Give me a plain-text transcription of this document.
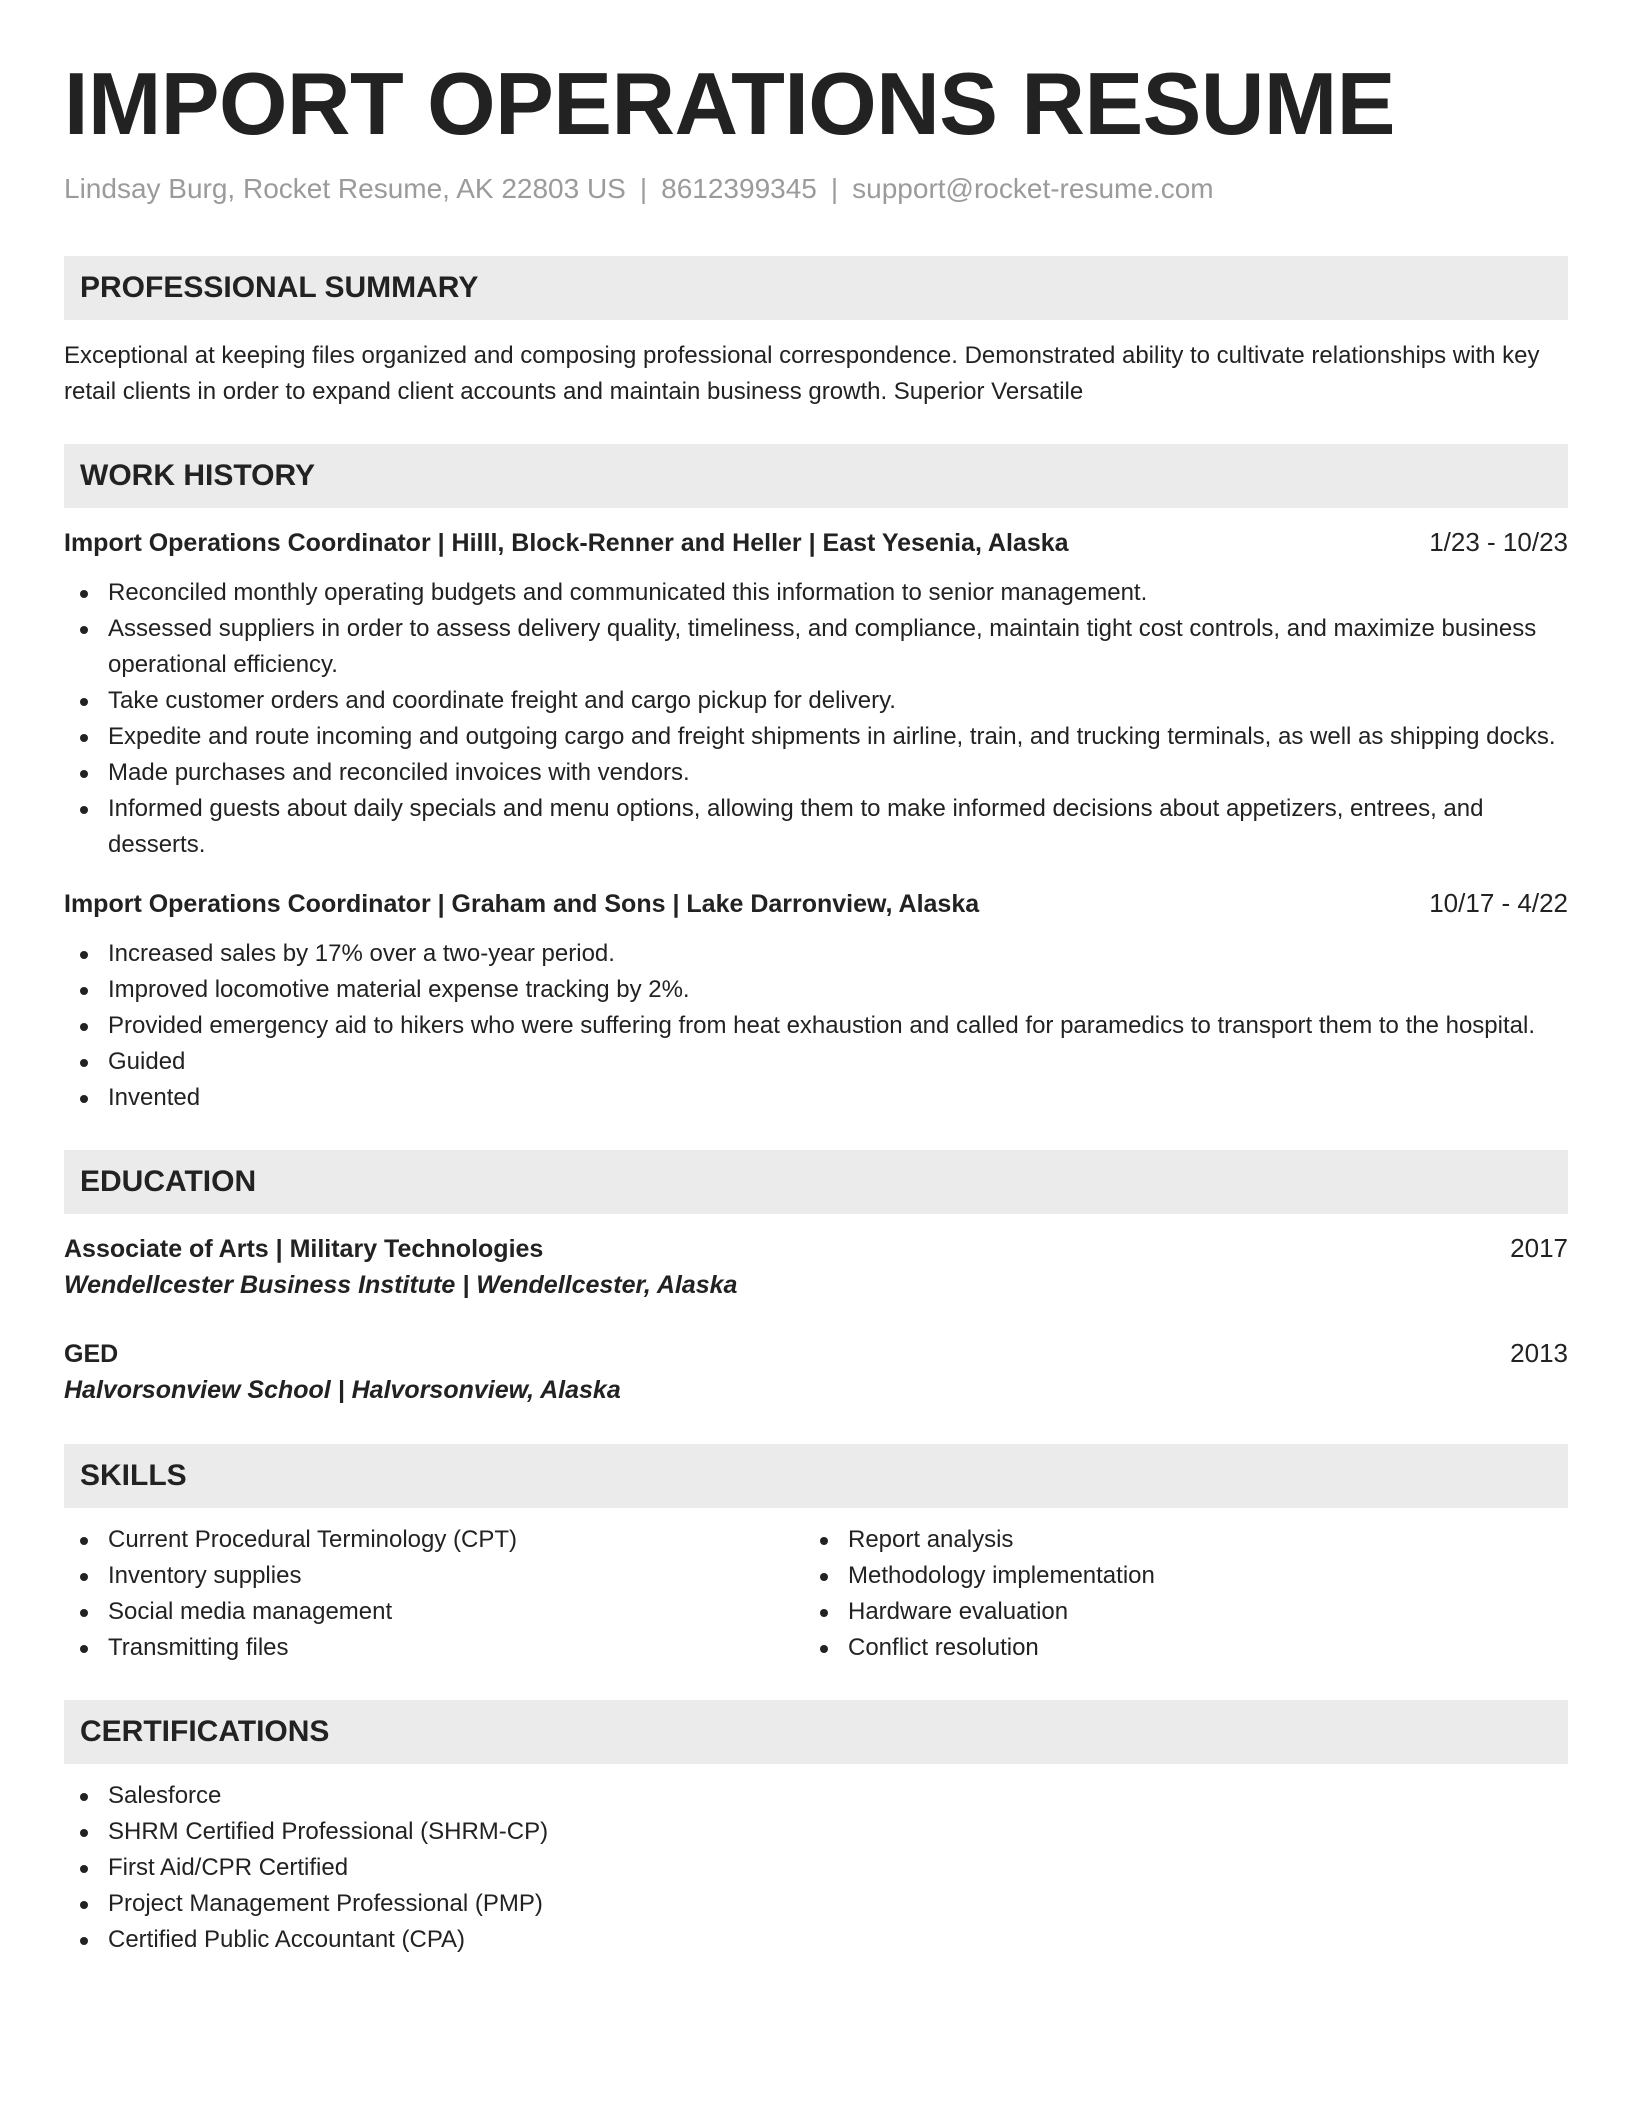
IMPORT OPERATIONS RESUME
Lindsay Burg, Rocket Resume, AK 22803 US | 8612399345 | support@rocket-resume.com
PROFESSIONAL SUMMARY
Exceptional at keeping files organized and composing professional correspondence. Demonstrated ability to cultivate relationships with key retail clients in order to expand client accounts and maintain business growth. Superior Versatile
WORK HISTORY
Import Operations Coordinator | Hilll, Block-Renner and Heller | East Yesenia, Alaska	1/23 - 10/23
Reconciled monthly operating budgets and communicated this information to senior management.
Assessed suppliers in order to assess delivery quality, timeliness, and compliance, maintain tight cost controls, and maximize business operational efficiency.
Take customer orders and coordinate freight and cargo pickup for delivery.
Expedite and route incoming and outgoing cargo and freight shipments in airline, train, and trucking terminals, as well as shipping docks.
Made purchases and reconciled invoices with vendors.
Informed guests about daily specials and menu options, allowing them to make informed decisions about appetizers, entrees, and desserts.
Import Operations Coordinator | Graham and Sons | Lake Darronview, Alaska	10/17 - 4/22
Increased sales by 17% over a two-year period.
Improved locomotive material expense tracking by 2%.
Provided emergency aid to hikers who were suffering from heat exhaustion and called for paramedics to transport them to the hospital.
Guided
Invented
EDUCATION
Associate of Arts | Military Technologies	2017
Wendellcester Business Institute | Wendellcester, Alaska
GED	2013
Halvorsonview School | Halvorsonview, Alaska
SKILLS
Current Procedural Terminology (CPT)
Inventory supplies
Social media management
Transmitting files
Report analysis
Methodology implementation
Hardware evaluation
Conflict resolution
CERTIFICATIONS
Salesforce
SHRM Certified Professional (SHRM-CP)
First Aid/CPR Certified
Project Management Professional (PMP)
Certified Public Accountant (CPA)
